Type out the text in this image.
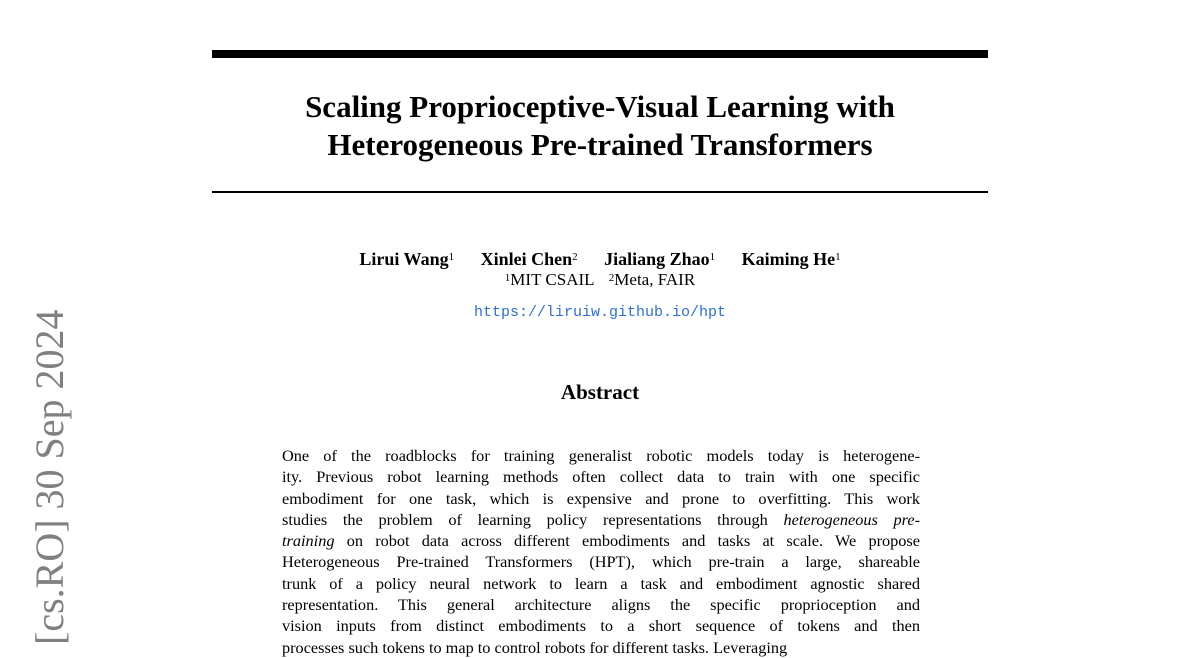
Scaling Proprioceptive-Visual Learning with
Heterogeneous Pre-trained Transformers
Lirui Wang$^1$ Xinlei Chen$^2$ Jialiang Zhao$^1$ Kaiming He$^1$
$^1$MIT CSAIL $^2$Meta, FAIR
https://liruiw.github.io/hpt
Abstract
One of the roadblocks for training generalist robotic models today is heterogene-
ity. Previous robot learning methods often collect data to train with one specific
embodiment for one task, which is expensive and prone to overfitting. This work
studies the problem of learning policy representations through heterogeneous pre-
training on robot data across different embodiments and tasks at scale. We propose
Heterogeneous Pre-trained Transformers (HPT), which pre-train a large, shareable
trunk of a policy neural network to learn a task and embodiment agnostic shared
representation. This general architecture aligns the specific proprioception and
vision inputs from distinct embodiments to a short sequence of tokens and then
processes such tokens to map to control robots for different tasks. Leveraging
[cs.RO] 30 Sep 2024
